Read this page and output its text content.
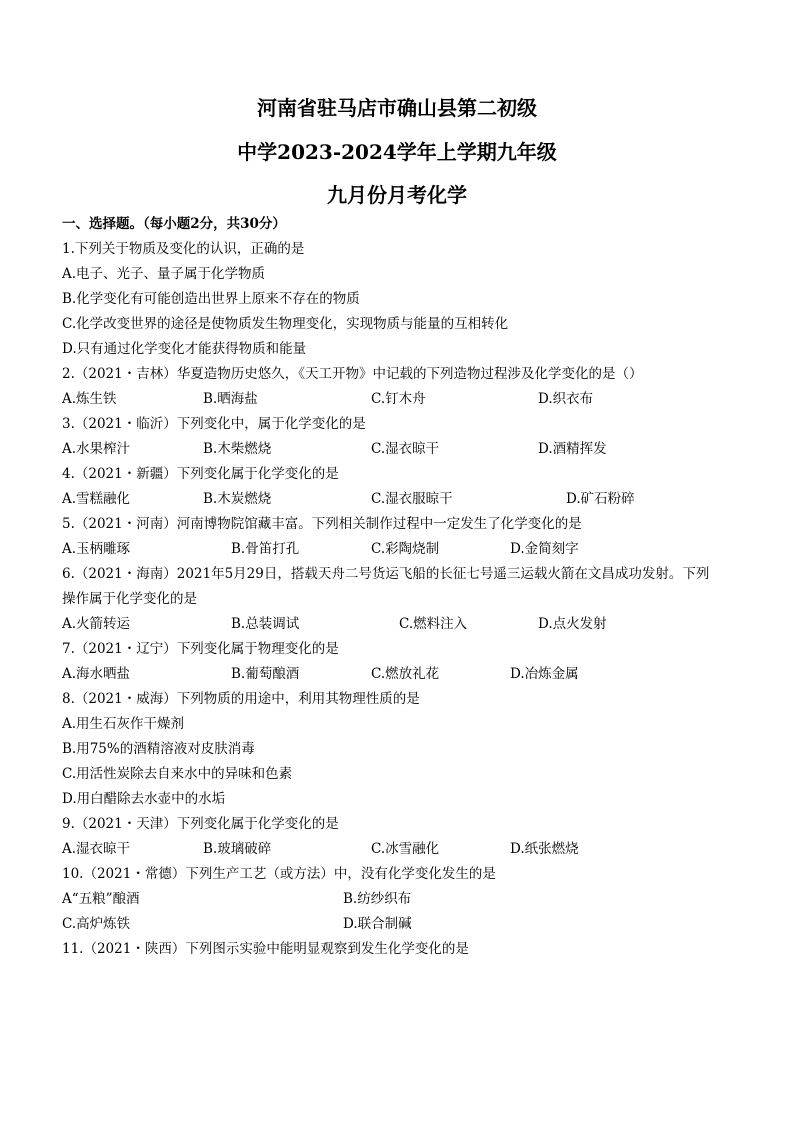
河南省驻马店市确山县第二初级
中学2023-2024学年上学期九年级
九月份月考化学
一、选择题。（每小题2分，共30分）
1.下列关于物质及变化的认识，正确的是
A.电子、光子、量子属于化学物质
B.化学变化有可能创造出世界上原来不存在的物质
C.化学改变世界的途径是使物质发生物理变化，实现物质与能量的互相转化
D.只有通过化学变化才能获得物质和能量
2.（2021・吉林）华夏造物历史悠久，《天工开物》中记载的下列造物过程涉及化学变化的是（）
A.炼生铁	B.晒海盐	C.钉木舟	D.织衣布
3.（2021・临沂）下列变化中，属于化学变化的是
A.水果榨汁	B.木柴燃烧	C.湿衣晾干	D.酒精挥发
4.（2021・新疆）下列变化属于化学变化的是
A.雪糕融化	B.木炭燃烧	C.湿衣服晾干	D.矿石粉碎
5.（2021・河南）河南博物院馆藏丰富。下列相关制作过程中一定发生了化学变化的是
A.玉柄雕琢	B.骨笛打孔	C.彩陶烧制	D.金简刻字
6.（2021・海南）2021年5月29日，搭载天舟二号货运飞船的长征七号遥三运载火箭在文昌成功发射。下列
操作属于化学变化的是
A.火箭转运	B.总装调试	C.燃料注入	D.点火发射
7.（2021・辽宁）下列变化属于物理变化的是
A.海水晒盐	B.葡萄酿酒	C.燃放礼花	D.冶炼金属
8.（2021・威海）下列物质的用途中，利用其物理性质的是
A.用生石灰作干燥剂
B.用75%的酒精溶液对皮肤消毒
C.用活性炭除去自来水中的异味和色素
D.用白醋除去水壶中的水垢
9.（2021・天津）下列变化属于化学变化的是
A.湿衣晾干	B.玻璃破碎	C.冰雪融化	D.纸张燃烧
10.（2021・常德）下列生产工艺（或方法）中，没有化学变化发生的是
A“五粮”酿酒	B.纺纱织布
C.高炉炼铁	D.联合制碱
11.（2021・陕西）下列图示实验中能明显观察到发生化学变化的是
